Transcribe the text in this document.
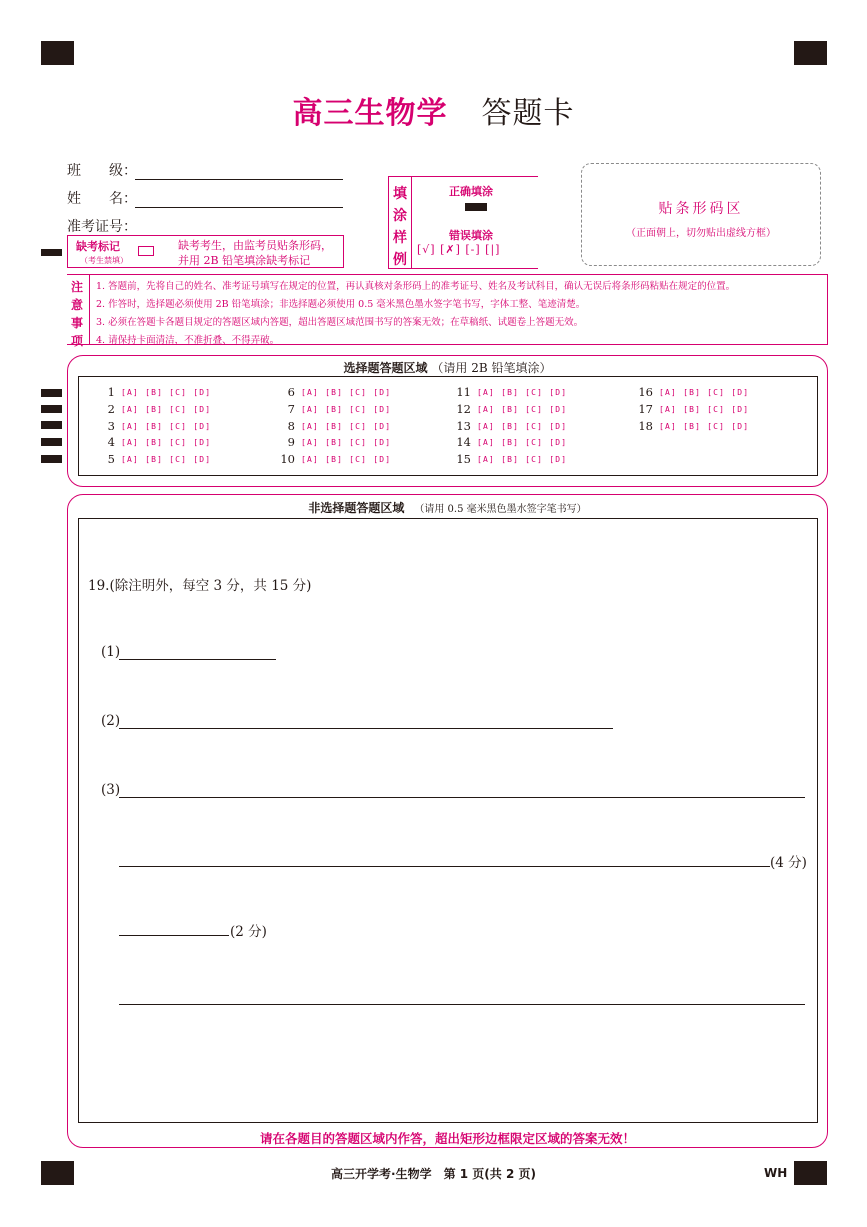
高三生物学 答题卡
班　　级：
姓　　名：
准考证号：
缺考标记
（考生禁填）
缺考考生，由监考员贴条形码，
并用 2B 铅笔填涂缺考标记
填
涂
样
例
正确填涂
错误填涂
[√] [✗] [-] [|]
贴条形码区
（正面朝上，切勿贴出虚线方框）
注
意
事
项
1. 答题前，先将自己的姓名、准考证号填写在规定的位置，再认真核对条形码上的准考证号、姓名及考试科目，确认无误后将条形码粘贴在规定的位置。
2. 作答时，选择题必须使用 2B 铅笔填涂；非选择题必须使用 0.5 毫米黑色墨水签字笔书写，字体工整、笔迹清楚。
3. 必须在答题卡各题目规定的答题区域内答题，超出答题区域范围书写的答案无效；在草稿纸、试题卷上答题无效。
4. 请保持卡面清洁，不准折叠、不得弄破。
选择题答题区域 （请用 2B 铅笔填涂）
1 [A] [B] [C] [D]
2 [A] [B] [C] [D]
3 [A] [B] [C] [D]
4 [A] [B] [C] [D]
5 [A] [B] [C] [D]
6 [A] [B] [C] [D]
7 [A] [B] [C] [D]
8 [A] [B] [C] [D]
9 [A] [B] [C] [D]
10 [A] [B] [C] [D]
11 [A] [B] [C] [D]
12 [A] [B] [C] [D]
13 [A] [B] [C] [D]
14 [A] [B] [C] [D]
15 [A] [B] [C] [D]
16 [A] [B] [C] [D]
17 [A] [B] [C] [D]
18 [A] [B] [C] [D]
非选择题答题区域 （请用 0.5 毫米黑色墨水签字笔书写）
19.(除注明外，每空 3 分，共 15 分)
(1)
(2)
(3)
(4 分)
(2 分)
请在各题目的答题区域内作答，超出矩形边框限定区域的答案无效！
高三开学考·生物学　第 1 页(共 2 页)	WH
